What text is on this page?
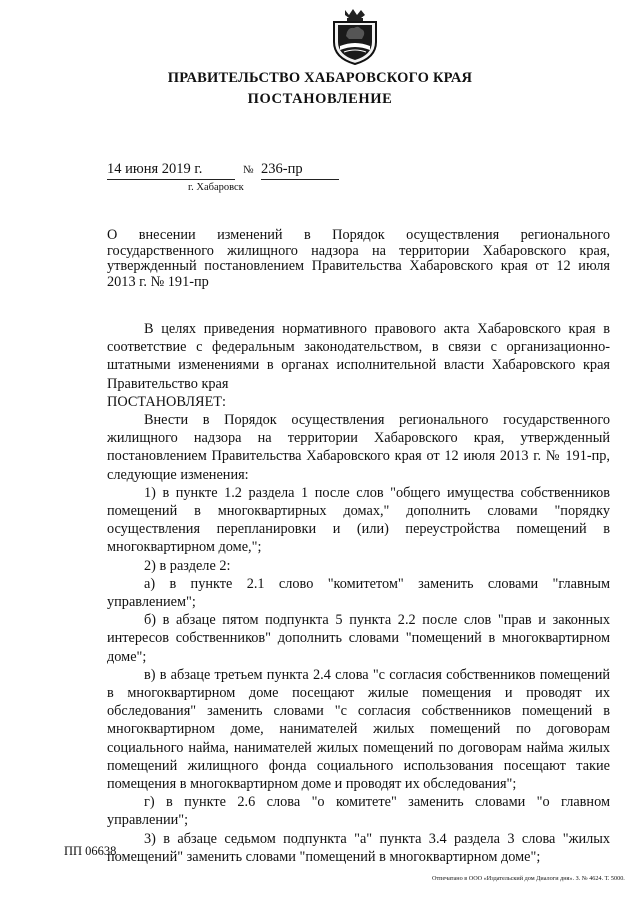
ПРАВИТЕЛЬСТВО ХАБАРОВСКОГО КРАЯ
ПОСТАНОВЛЕНИЕ
14 июня 2019 г.	№ 236-пр
г. Хабаровск
О внесении изменений в Порядок осуществления регионального государственного жилищного надзора на территории Хабаровского края, утвержденный постановлением Правительства Хабаровского края от 12 июля 2013 г. № 191-пр

В целях приведения нормативного правового акта Хабаровского края в соответствие с федеральным законодательством, в связи с организационно-штатными изменениями в органах исполнительной власти Хабаровского края Правительство края

ПОСТАНОВЛЯЕТ:

Внести в Порядок осуществления регионального государственного жилищного надзора на территории Хабаровского края, утвержденный постановлением Правительства Хабаровского края от 12 июля 2013 г. № 191-пр, следующие изменения:

1) в пункте 1.2 раздела 1 после слов "общего имущества собственников помещений в многоквартирных домах," дополнить словами "порядку осуществления перепланировки и (или) переустройства помещений в многоквартирном доме,";

2) в разделе 2:

а) в пункте 2.1 слово "комитетом" заменить словами "главным управлением";

б) в абзаце пятом подпункта 5 пункта 2.2 после слов "прав и законных интересов собственников" дополнить словами "помещений в многоквартирном доме";

в) в абзаце третьем пункта 2.4 слова "с согласия собственников помещений в многоквартирном доме посещают жилые помещения и проводят их обследования" заменить словами "с согласия собственников помещений в многоквартирном доме, нанимателей жилых помещений по договорам социального найма, нанимателей жилых помещений по договорам найма жилых помещений жилищного фонда социального использования посещают такие помещения в многоквартирном доме и проводят их обследования";

г) в пункте 2.6 слова "о комитете" заменить словами "о главном управлении";

3) в абзаце седьмом подпункта "а" пункта 3.4 раздела 3 слова "жилых помещений" заменить словами "помещений в многоквартирном доме";

ПП 06638
Отпечатано в ООО «Издательский дом Диалоги дня». З. № 4624. Т. 5000.
